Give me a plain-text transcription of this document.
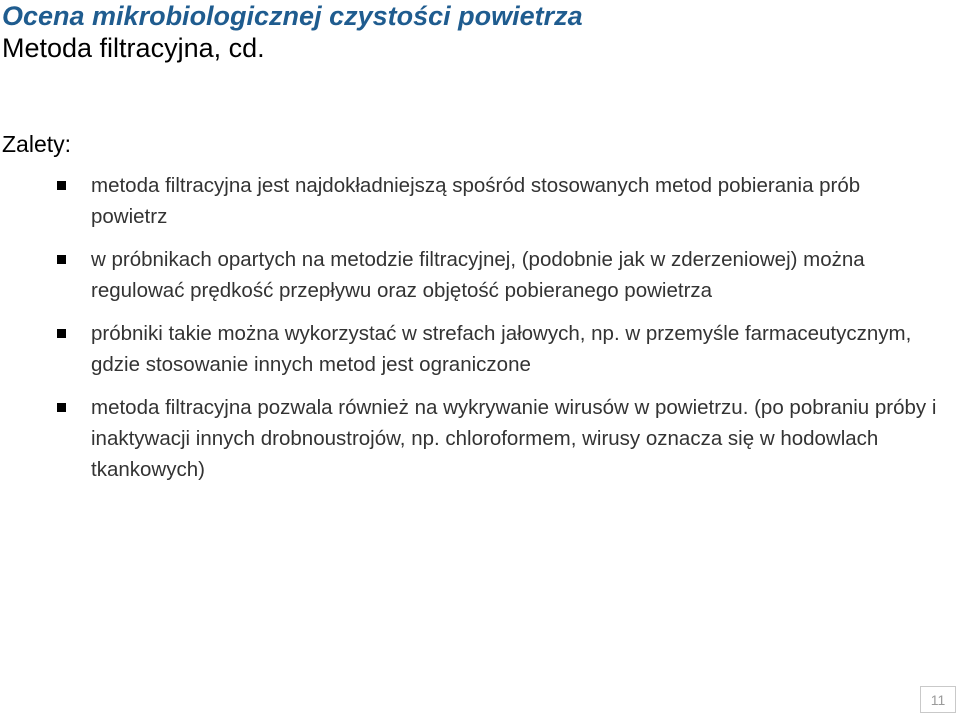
Ocena mikrobiologicznej czystości powietrza
Metoda filtracyjna, cd.
Zalety:
metoda filtracyjna jest najdokładniejszą spośród stosowanych metod pobierania prób powietrz
w próbnikach opartych na metodzie filtracyjnej, (podobnie jak w zderzeniowej) można regulować prędkość przepływu oraz objętość pobieranego powietrza
próbniki takie można wykorzystać w strefach jałowych, np. w przemyśle farmaceutycznym, gdzie stosowanie innych metod jest ograniczone
metoda filtracyjna pozwala również na wykrywanie wirusów w powietrzu. (po pobraniu próby i inaktywacji innych drobnoustrojów, np. chloroformem, wirusy oznacza się w hodowlach tkankowych)
11
